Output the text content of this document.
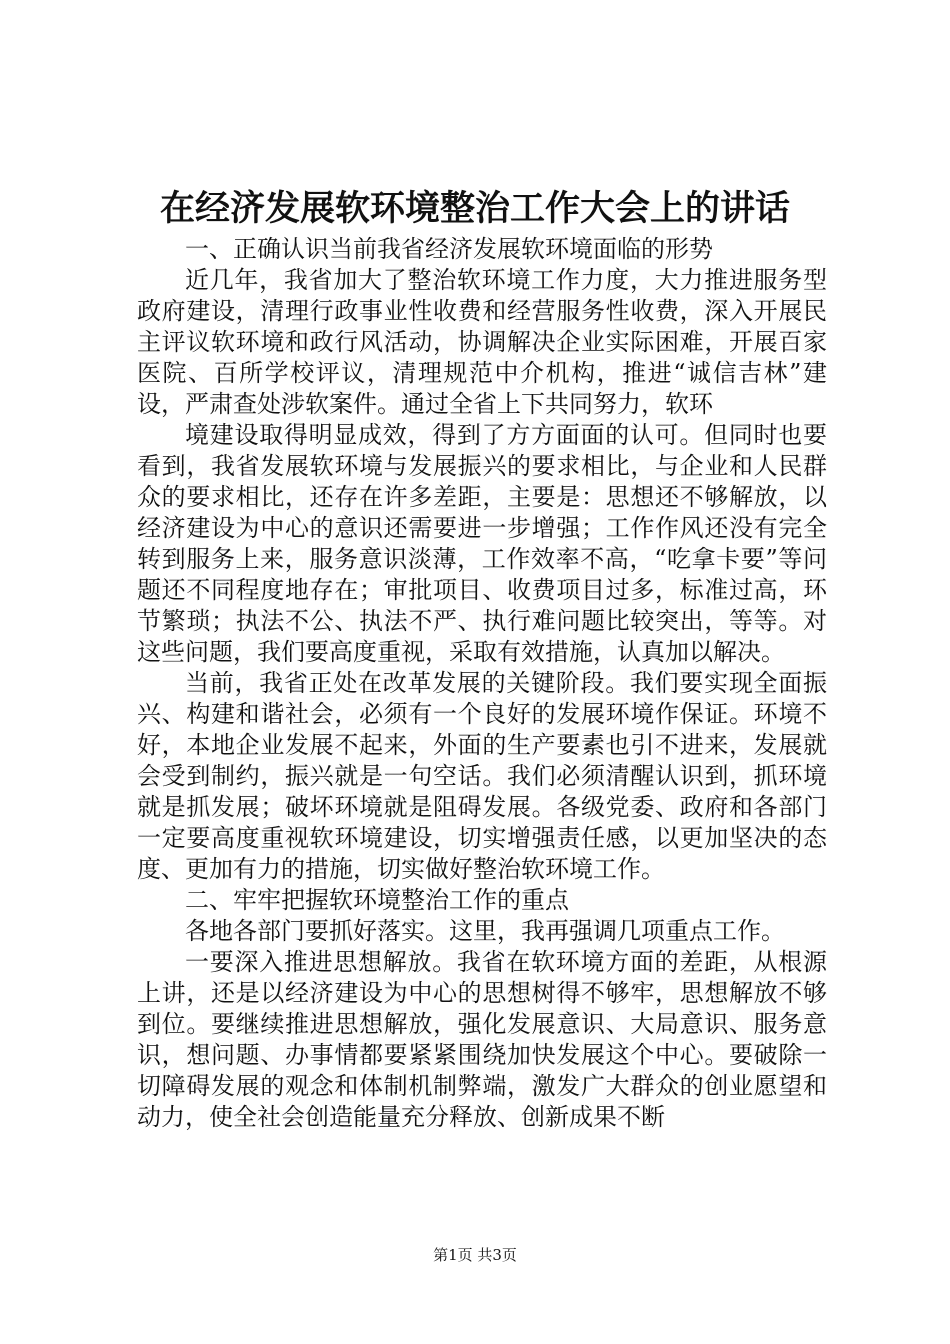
在经济发展软环境整治工作大会上的讲话

一、正确认识当前我省经济发展软环境面临的形势

近几年，我省加大了整治软环境工作力度，大力推进服务型政府建设，清理行政事业性收费和经营服务性收费，深入开展民主评议软环境和政行风活动，协调解决企业实际困难，开展百家医院、百所学校评议，清理规范中介机构，推进“诚信吉林”建设，严肃查处涉软案件。通过全省上下共同努力，软环

境建设取得明显成效，得到了方方面面的认可。但同时也要看到，我省发展软环境与发展振兴的要求相比，与企业和人民群众的要求相比，还存在许多差距，主要是：思想还不够解放，以经济建设为中心的意识还需要进一步增强；工作作风还没有完全转到服务上来，服务意识淡薄，工作效率不高，“吃拿卡要”等问题还不同程度地存在；审批项目、收费项目过多，标准过高，环节繁琐；执法不公、执法不严、执行难问题比较突出，等等。对这些问题，我们要高度重视，采取有效措施，认真加以解决。

当前，我省正处在改革发展的关键阶段。我们要实现全面振兴、构建和谐社会，必须有一个良好的发展环境作保证。环境不好，本地企业发展不起来，外面的生产要素也引不进来，发展就会受到制约，振兴就是一句空话。我们必须清醒认识到，抓环境就是抓发展；破坏环境就是阻碍发展。各级党委、政府和各部门一定要高度重视软环境建设，切实增强责任感，以更加坚决的态度、更加有力的措施，切实做好整治软环境工作。

二、牢牢把握软环境整治工作的重点

各地各部门要抓好落实。这里，我再强调几项重点工作。

一要深入推进思想解放。我省在软环境方面的差距，从根源上讲，还是以经济建设为中心的思想树得不够牢，思想解放不够到位。要继续推进思想解放，强化发展意识、大局意识、服务意识，想问题、办事情都要紧紧围绕加快发展这个中心。要破除一切障碍发展的观念和体制机制弊端，激发广大群众的创业愿望和动力，使全社会创造能量充分释放、创新成果不断

第1页 共3页
